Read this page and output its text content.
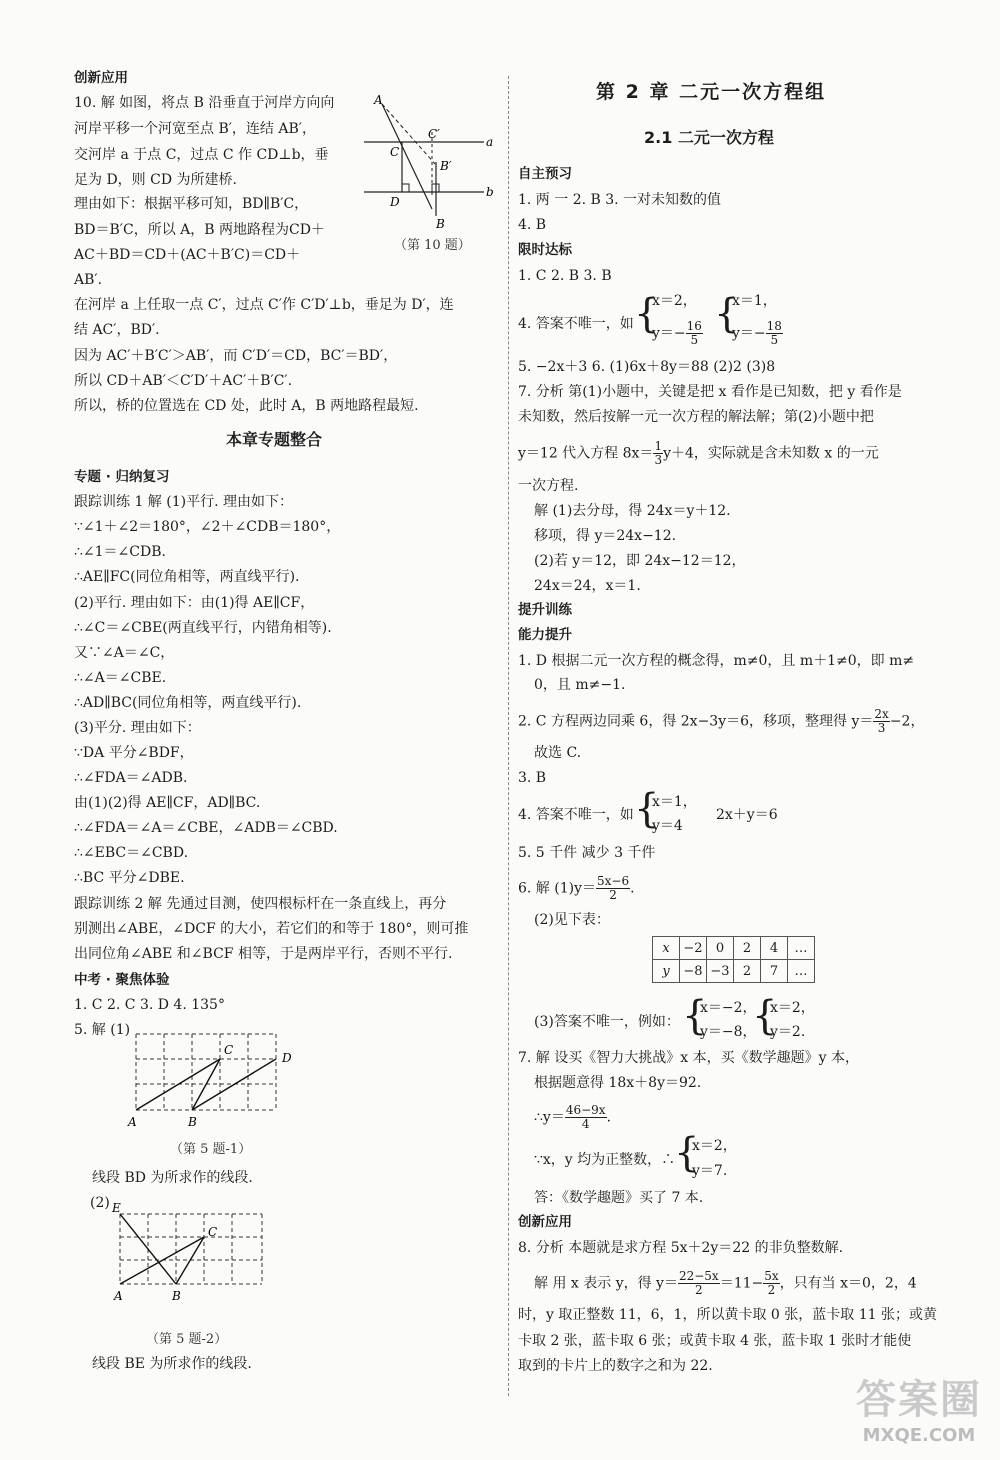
创新应用
10. 解 如图，将点 B 沿垂直于河岸方向向
河岸平移一个河宽至点 B′，连结 AB′，
交河岸 a 于点 C，过点 C 作 CD⊥b，垂
足为 D，则 CD 为所建桥.
理由如下：根据平移可知，BD∥B′C，
BD＝B′C，所以 A，B 两地路程为CD＋
AC＋BD＝CD＋(AC＋B′C)＝CD＋
AB′.
在河岸 a 上任取一点 C′，过点 C′作 C′D′⊥b，垂足为 D′，连
结 AC′，BD′.
因为 AC′＋B′C′＞AB′，而 C′D′＝CD，BC′＝BD′，
所以 CD＋AB′＜C′D′＋AC′＋B′C′.
所以，桥的位置选在 CD 处，此时 A，B 两地路程最短.
A
C′
C
B′
D
B
a
b
（第 10 题）
本章专题整合
专题 · 归纳复习
跟踪训练 1 解 (1)平行. 理由如下：
∵∠1＋∠2＝180°，∠2＋∠CDB＝180°，
∴∠1＝∠CDB.
∴AE∥FC(同位角相等，两直线平行).
(2)平行. 理由如下：由(1)得 AE∥CF，
∴∠C＝∠CBE(两直线平行，内错角相等).
又∵∠A＝∠C，
∴∠A＝∠CBE.
∴AD∥BC(同位角相等，两直线平行).
(3)平分. 理由如下：
∵DA 平分∠BDF，
∴∠FDA＝∠ADB.
由(1)(2)得 AE∥CF，AD∥BC.
∴∠FDA＝∠A＝∠CBE，∠ADB＝∠CBD.
∴∠EBC＝∠CBD.
∴BC 平分∠DBE.
跟踪训练 2 解 先通过目测，使四根标杆在一条直线上，再分
别测出∠ABE，∠DCF 的大小，若它们的和等于 180°，则可推
出同位角∠ABE 和∠BCF 相等，于是两岸平行，否则不平行.
中考 · 聚焦体验
1. C 2. C 3. D 4. 135°
5. 解 (1)
A	B
C
D
（第 5 题-1）
线段 BD 为所求作的线段.
(2) E
A	B
C
（第 5 题-2）
线段 BE 为所求作的线段.
第 2 章 二元一次方程组
2.1 二元一次方程
自主预习
1. 两 一 2. B 3. 一对未知数的值
4. B
限时达标
1. C 2. B 3. B
4. 答案不唯一，如 {
x＝2，
$y=- \frac{16}{5}$ {
x＝1，
$y=- \frac{18}{5}$
5. −2x＋3 6. (1)6x＋8y＝88 (2)2 (3)8
7. 分析 第(1)小题中，关键是把 x 看作是已知数，把 y 看作是
未知数，然后按解一元一次方程的解法解；第(2)小题中把
y＝12 代入方程 $8x= \frac{1}{3} y+4$，实际就是含未知数 x 的一元
一次方程.
解 (1)去分母，得 24x＝y＋12.
移项，得 y＝24x−12.
(2)若 y＝12，即 24x−12＝12，
24x＝24，x＝1.
提升训练
能力提升
1. D 根据二元一次方程的概念得，m≠0，且 m＋1≠0，即 m≠
0，且 m≠−1.
2. C 方程两边同乘 6，得 2x−3y＝6，移项，整理得 $y= \frac{2x}{3} -2$，
故选 C.
3. B
4. 答案不唯一，如 {
x＝1，
y＝4
2x＋y＝6
5. 5 千件 减少 3 千件
6. 解 $(1)y= \frac{5x-6}{2}$ .
(2)见下表：
x	−2	0	2	4	…
y	−8	−3	2	7	…
(3)答案不唯一，例如： {
x＝−2，
y＝−8，
{
x＝2，
y＝2.
7. 解 设买《智力大挑战》x 本，买《数学趣题》y 本，
根据题意得 18x＋8y＝92.
∴y＝ $\frac{46-9x}{4}$ .
∵x，y 均为正整数，∴
{
x＝2，
y＝7.
答：《数学趣题》买了 7 本.
创新应用
8. 分析 本题就是求方程 5x＋2y＝22 的非负整数解.
解 用 x 表示 y，得 $y= \frac{22-5x}{2} =11- \frac{5x}{2}$ ，只有当 x＝0，2，4
时，y 取正整数 11，6，1，所以黄卡取 0 张，蓝卡取 11 张；或黄
卡取 2 张，蓝卡取 6 张；或黄卡取 4 张，蓝卡取 1 张时才能使
取到的卡片上的数字之和为 22.
答案圈
MXQE.COM
